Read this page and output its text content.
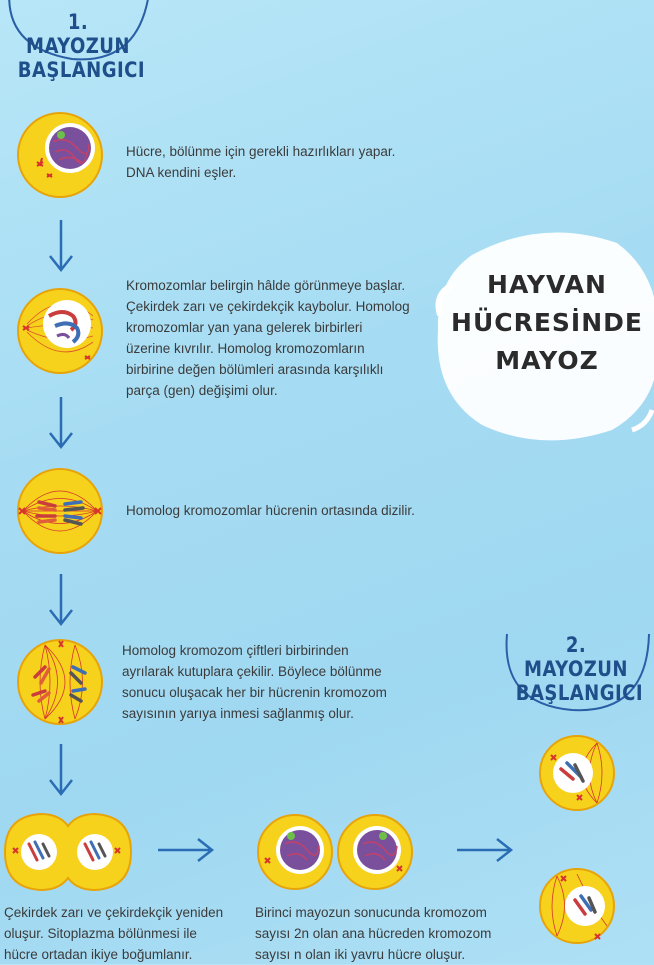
1. MAYOZUN
BAŞLANGICI
2. MAYOZUN
BAŞLANGICI
HAYVAN
HÜCRESİNDE
MAYOZ
Hücre, bölünme için gerekli hazırlıkları yapar.
DNA kendini eşler.
Kromozomlar belirgin hâlde görünmeye başlar.
Çekirdek zarı ve çekirdekçik kaybolur. Homolog
kromozomlar yan yana gelerek birbirleri
üzerine kıvrılır. Homolog kromozomların
birbirine değen bölümleri arasında karşılıklı
parça (gen) değişimi olur.
Homolog kromozomlar hücrenin ortasında dizilir.
Homolog kromozom çiftleri birbirinden
ayrılarak kutuplara çekilir. Böylece bölünme
sonucu oluşacak her bir hücrenin kromozom
sayısının yarıya inmesi sağlanmış olur.
Çekirdek zarı ve çekirdekçik yeniden
oluşur. Sitoplazma bölünmesi ile
hücre ortadan ikiye boğumlanır.
Birinci mayozun sonucunda kromozom
sayısı 2n olan ana hücreden kromozom
sayısı n olan iki yavru hücre oluşur.
